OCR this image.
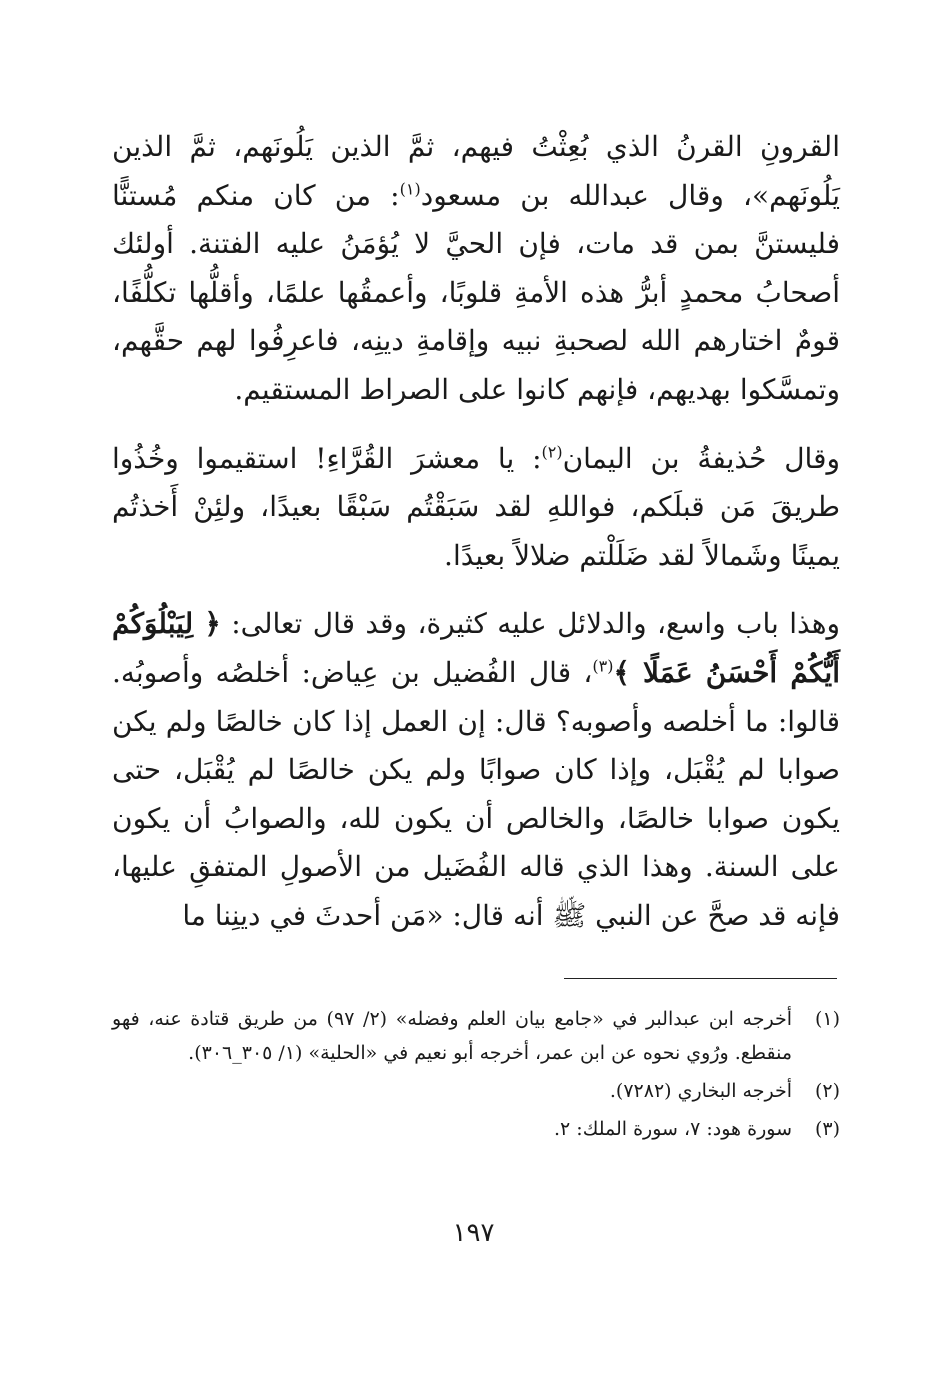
القرونِ القرنُ الذي بُعِثْتُ فيهم، ثمَّ الذين يَلُونَهم، ثمَّ الذين يَلُونَهم»، وقال عبدالله بن مسعود$^{(١)}$: من كان منكم مُستنًّا فليستنَّ بمن قد مات، فإن الحيَّ لا يُؤمَنُ عليه الفتنة. أولئك أصحابُ محمدٍ أبرُّ هذه الأمةِ قلوبًا، وأعمقُها علمًا، وأقلُّها تكلُّفًا، قومٌ اختارهم الله لصحبةِ نبيه وإقامةِ دينِه، فاعرِفُوا لهم حقَّهم، وتمسَّكوا بهديهم، فإنهم كانوا على الصراط المستقيم.

وقال حُذيفةُ بن اليمان$^{(٢)}$: يا معشرَ القُرَّاءِ! استقيموا وخُذُوا طريقَ مَن قبلَكم، فواللهِ لقد سَبَقْتُم سَبْقًا بعيدًا، ولئِنْ أَخذتُم يمينًا وشَمالاً لقد ضَلَلْتم ضلالاً بعيدًا.

وهذا باب واسع، والدلائل عليه كثيرة، وقد قال تعالى: ﴿ لِيَبْلُوَكُمْ أَيُّكُمْ أَحْسَنُ عَمَلًا ﴾$^{(٣)}$، قال الفُضيل بن عِياض: أخلصُه وأصوبُه. قالوا: ما أخلصه وأصوبه؟ قال: إن العمل إذا كان خالصًا ولم يكن صوابا لم يُقْبَل، وإذا كان صوابًا ولم يكن خالصًا لم يُقْبَل، حتى يكون صوابا خالصًا، والخالص أن يكون لله، والصوابُ أن يكون على السنة. وهذا الذي قاله الفُضَيل من الأصولِ المتفقِ عليها، فإنه قد صحَّ عن النبي ﷺ أنه قال: «مَن أحدثَ في دينِنا ما

(١)
أخرجه ابن عبدالبر في «جامع بيان العلم وفضله» (٢/ ٩٧) من طريق قتادة عنه، فهو منقطع. ورُوي نحوه عن ابن عمر، أخرجه أبو نعيم في «الحلية» (١/ ٣٠٥_٣٠٦).
(٢)
أخرجه البخاري (٧٢٨٢).
(٣)
سورة هود: ٧، سورة الملك: ٢.
١٩٧
